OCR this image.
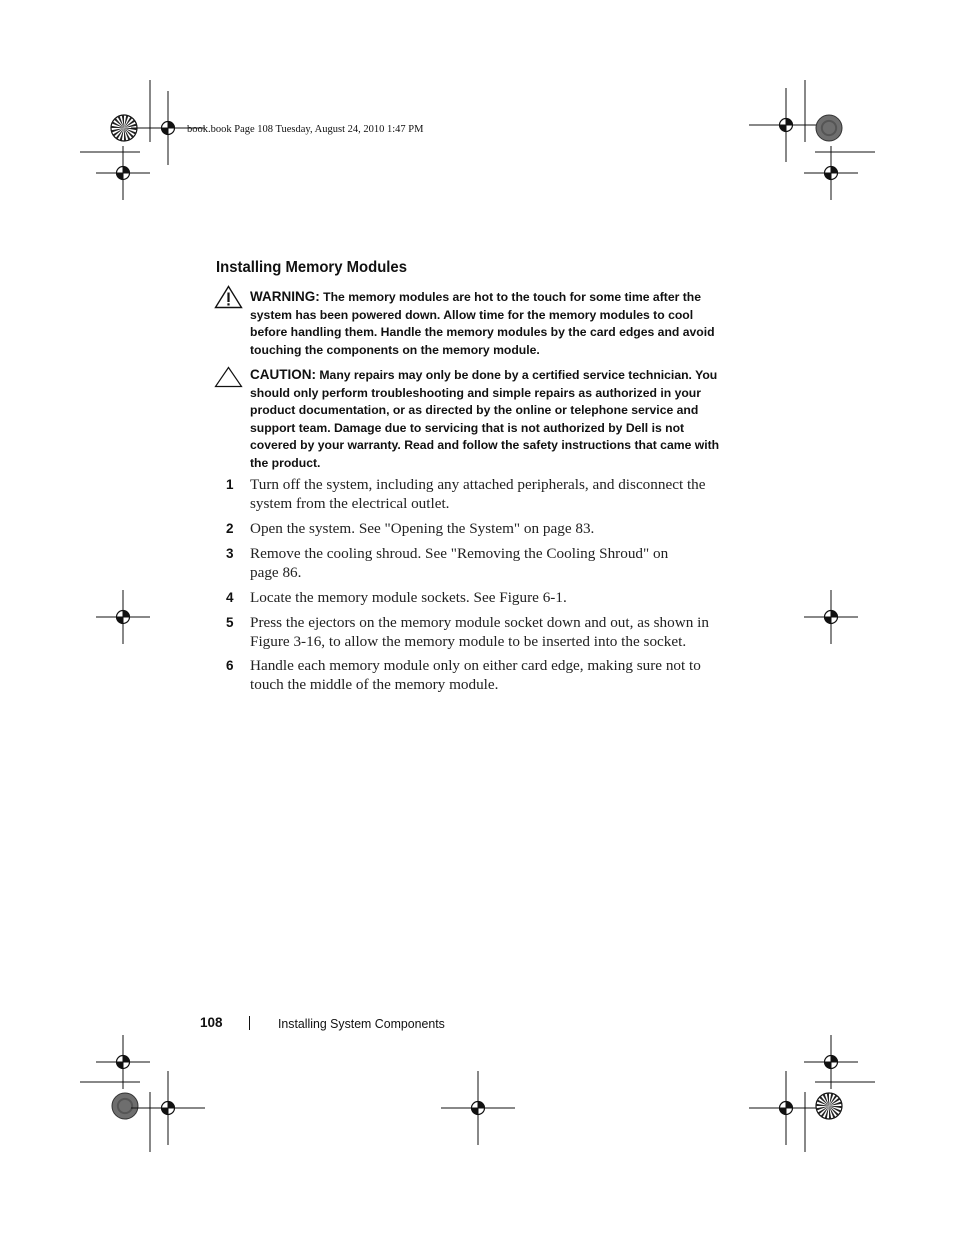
book.book Page 108 Tuesday, August 24, 2010 1:47 PM
Installing Memory Modules
WARNING: The memory modules are hot to the touch for some time after the system has been powered down. Allow time for the memory modules to cool before handling them. Handle the memory modules by the card edges and avoid touching the components on the memory module.
CAUTION: Many repairs may only be done by a certified service technician. You should only perform troubleshooting and simple repairs as authorized in your product documentation, or as directed by the online or telephone service and support team. Damage due to servicing that is not authorized by Dell is not covered by your warranty. Read and follow the safety instructions that came with the product.
1 Turn off the system, including any attached peripherals, and disconnect the system from the electrical outlet.
2 Open the system. See "Opening the System" on page 83.
3 Remove the cooling shroud. See "Removing the Cooling Shroud" on page 86.
4 Locate the memory module sockets. See Figure 6-1.
5 Press the ejectors on the memory module socket down and out, as shown in Figure 3-16, to allow the memory module to be inserted into the socket.
6 Handle each memory module only on either card edge, making sure not to touch the middle of the memory module.
108	Installing System Components
